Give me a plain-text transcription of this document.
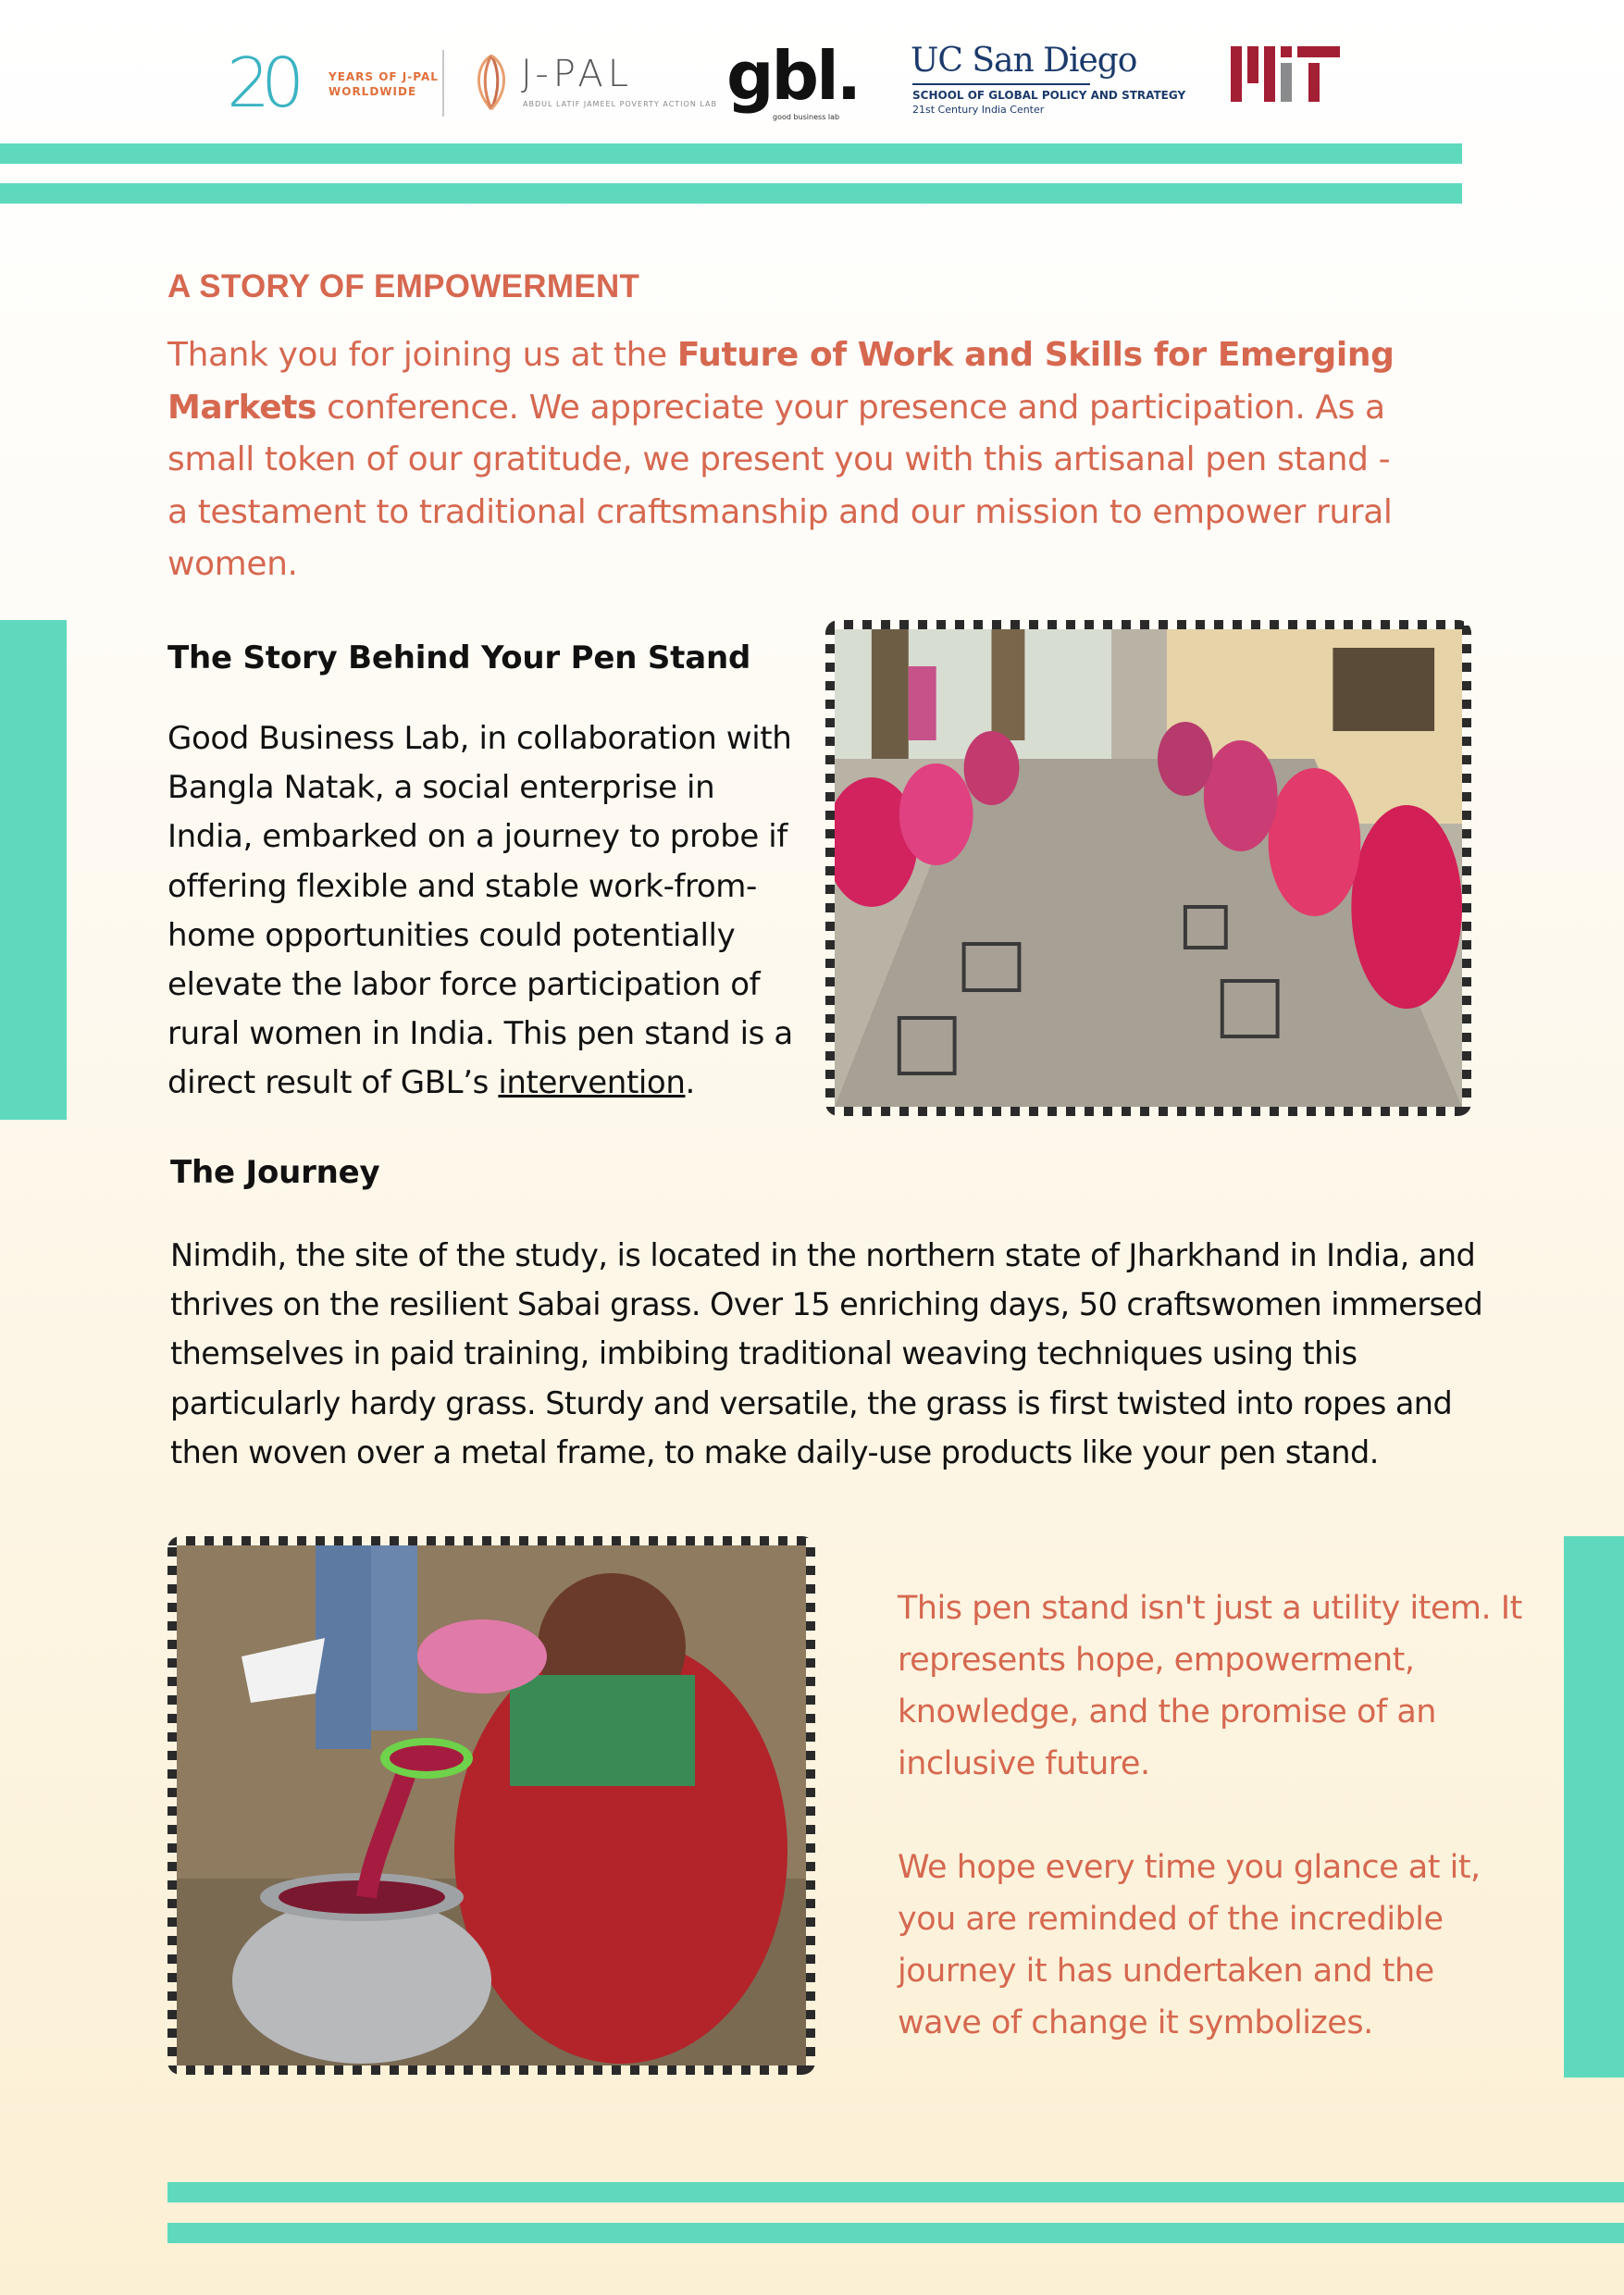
20	YEARS OF J-PAL
WORLDWIDE	J-PAL
ABDUL LATIF JAMEEL POVERTY ACTION LAB gbl.
good business lab
UC San Diego
SCHOOL OF GLOBAL POLICY AND STRATEGY
21st Century India Center
A STORY OF EMPOWERMENT

Thank you for joining us at the Future of Work and Skills for Emerging Markets conference. We appreciate your presence and participation. As a small token of our gratitude, we present you with this artisanal pen stand - a testament to traditional craftsmanship and our mission to empower rural women.

The Story Behind Your Pen Stand

Good Business Lab, in collaboration with Bangla Natak, a social enterprise in India, embarked on a journey to probe if offering flexible and stable work-from-home opportunities could potentially elevate the labor force participation of rural women in India. This pen stand is a direct result of GBL’s intervention.

The Journey

Nimdih, the site of the study, is located in the northern state of Jharkhand in India, and thrives on the resilient Sabai grass. Over 15 enriching days, 50 craftswomen immersed themselves in paid training, imbibing traditional weaving techniques using this particularly hardy grass. Sturdy and versatile, the grass is first twisted into ropes and then woven over a metal frame, to make daily-use products like your pen stand.

This pen stand isn't just a utility item. It represents hope, empowerment, knowledge, and the promise of an inclusive future.

We hope every time you glance at it, you are reminded of the incredible journey it has undertaken and the wave of change it symbolizes.
